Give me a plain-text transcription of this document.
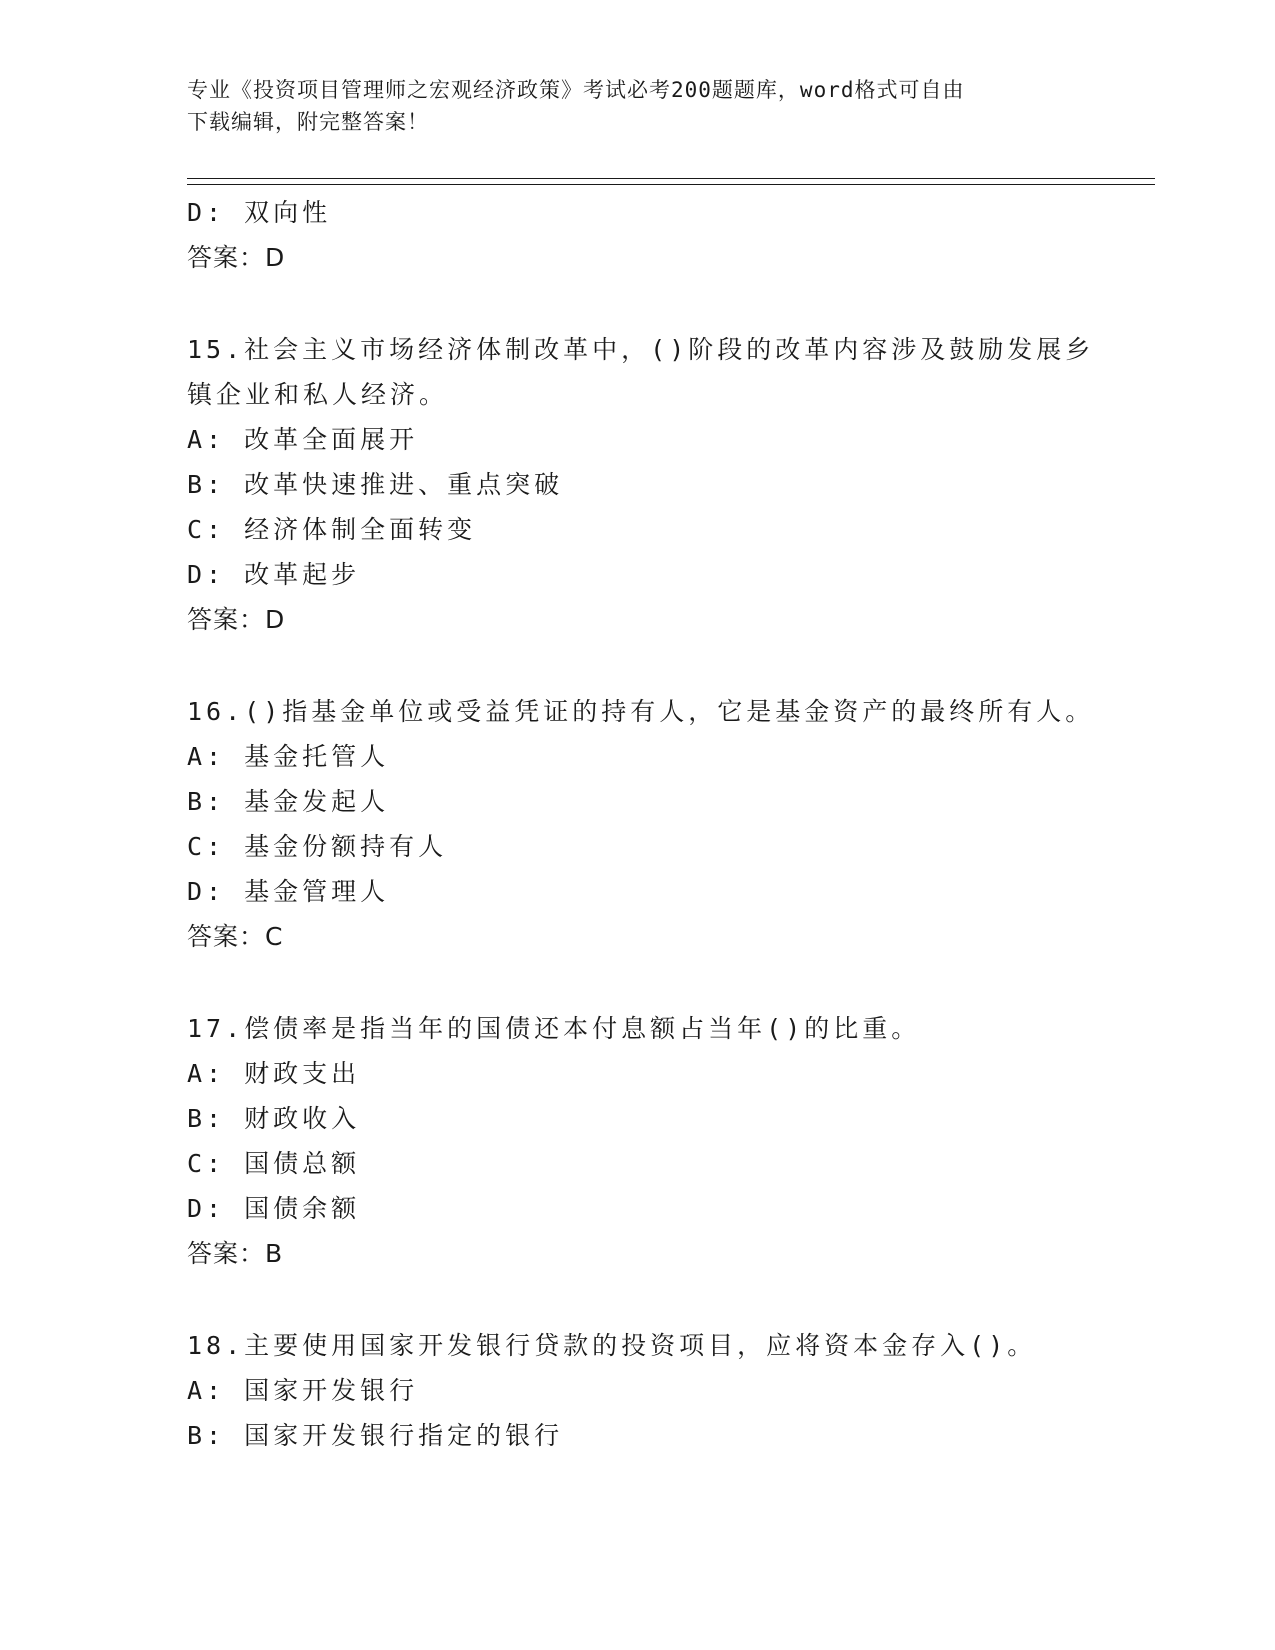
专业《投资项目管理师之宏观经济政策》考试必考200题题库，word格式可自由
下载编辑，附完整答案！
D: 双向性
答案：D
15.社会主义市场经济体制改革中，()阶段的改革内容涉及鼓励发展乡
镇企业和私人经济。
A: 改革全面展开
B: 改革快速推进、重点突破
C: 经济体制全面转变
D: 改革起步
答案：D
16.()指基金单位或受益凭证的持有人，它是基金资产的最终所有人。
A: 基金托管人
B: 基金发起人
C: 基金份额持有人
D: 基金管理人
答案：C
17.偿债率是指当年的国债还本付息额占当年()的比重。
A: 财政支出
B: 财政收入
C: 国债总额
D: 国债余额
答案：B
18.主要使用国家开发银行贷款的投资项目，应将资本金存入()。
A: 国家开发银行
B: 国家开发银行指定的银行
